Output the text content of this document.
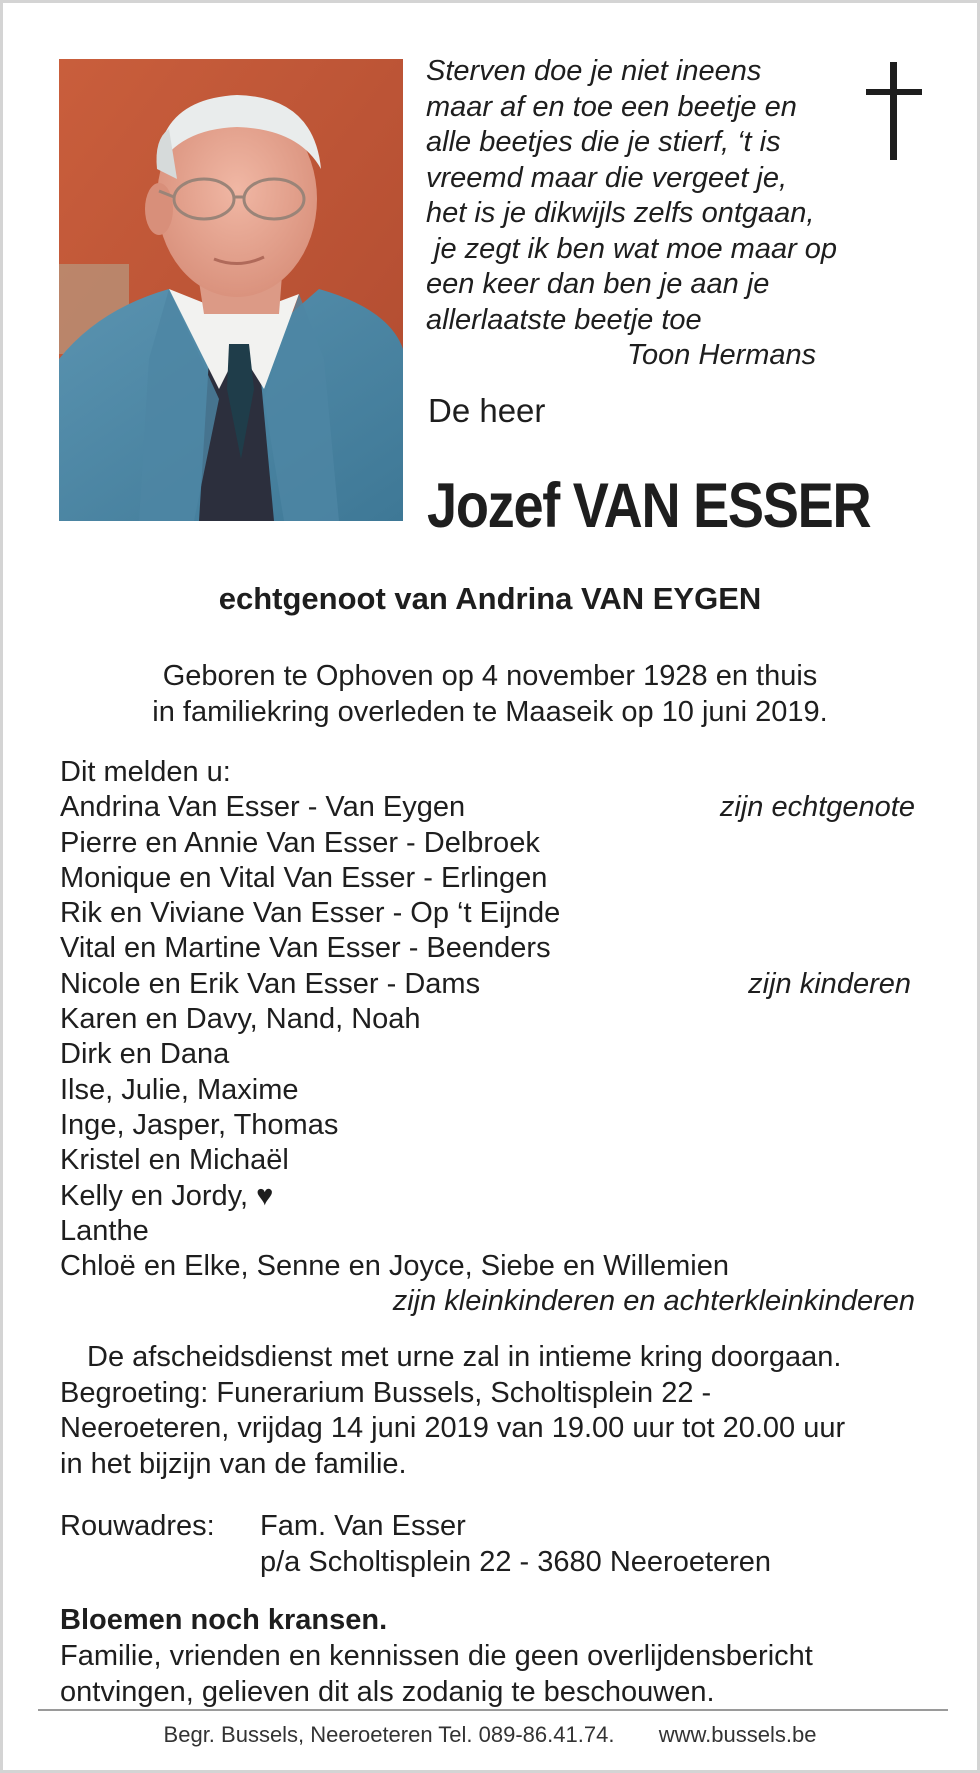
Sterven doe je niet ineens
maar af en toe een beetje en
alle beetjes die je stierf, ‘t is
vreemd maar die vergeet je,
het is je dikwijls zelfs ontgaan,
je zegt ik ben wat moe maar op
een keer dan ben je aan je
allerlaatste beetje toe
Toon Hermans
De heer
Jozef VAN ESSER
echtgenoot van Andrina VAN EYGEN
Geboren te Ophoven op 4 november 1928 en thuis
in familiekring overleden te Maaseik op 10 juni 2019.
Dit melden u:
Andrina Van Esser - Van Eygen	zijn echtgenote
Pierre en Annie Van Esser - Delbroek
Monique en Vital Van Esser - Erlingen
Rik en Viviane Van Esser - Op ‘t Eijnde
Vital en Martine Van Esser - Beenders
Nicole en Erik Van Esser - Dams	zijn kinderen
Karen en Davy, Nand, Noah
Dirk en Dana
Ilse, Julie, Maxime
Inge, Jasper, Thomas
Kristel en Michaël
Kelly en Jordy, ♥
Lanthe
Chloë en Elke, Senne en Joyce, Siebe en Willemien
zijn kleinkinderen en achterkleinkinderen
De afscheidsdienst met urne zal in intieme kring doorgaan.
Begroeting: Funerarium Bussels, Scholtisplein 22 -
Neeroeteren, vrijdag 14 juni 2019 van 19.00 uur tot 20.00 uur
in het bijzijn van de familie.
Rouwadres: Fam. Van Esser
p/a Scholtisplein 22 - 3680 Neeroeteren
Bloemen noch kransen.
Familie, vrienden en kennissen die geen overlijdensbericht
ontvingen, gelieven dit als zodanig te beschouwen.
Begr. Bussels, Neeroeteren Tel. 089-86.41.74. www.bussels.be
